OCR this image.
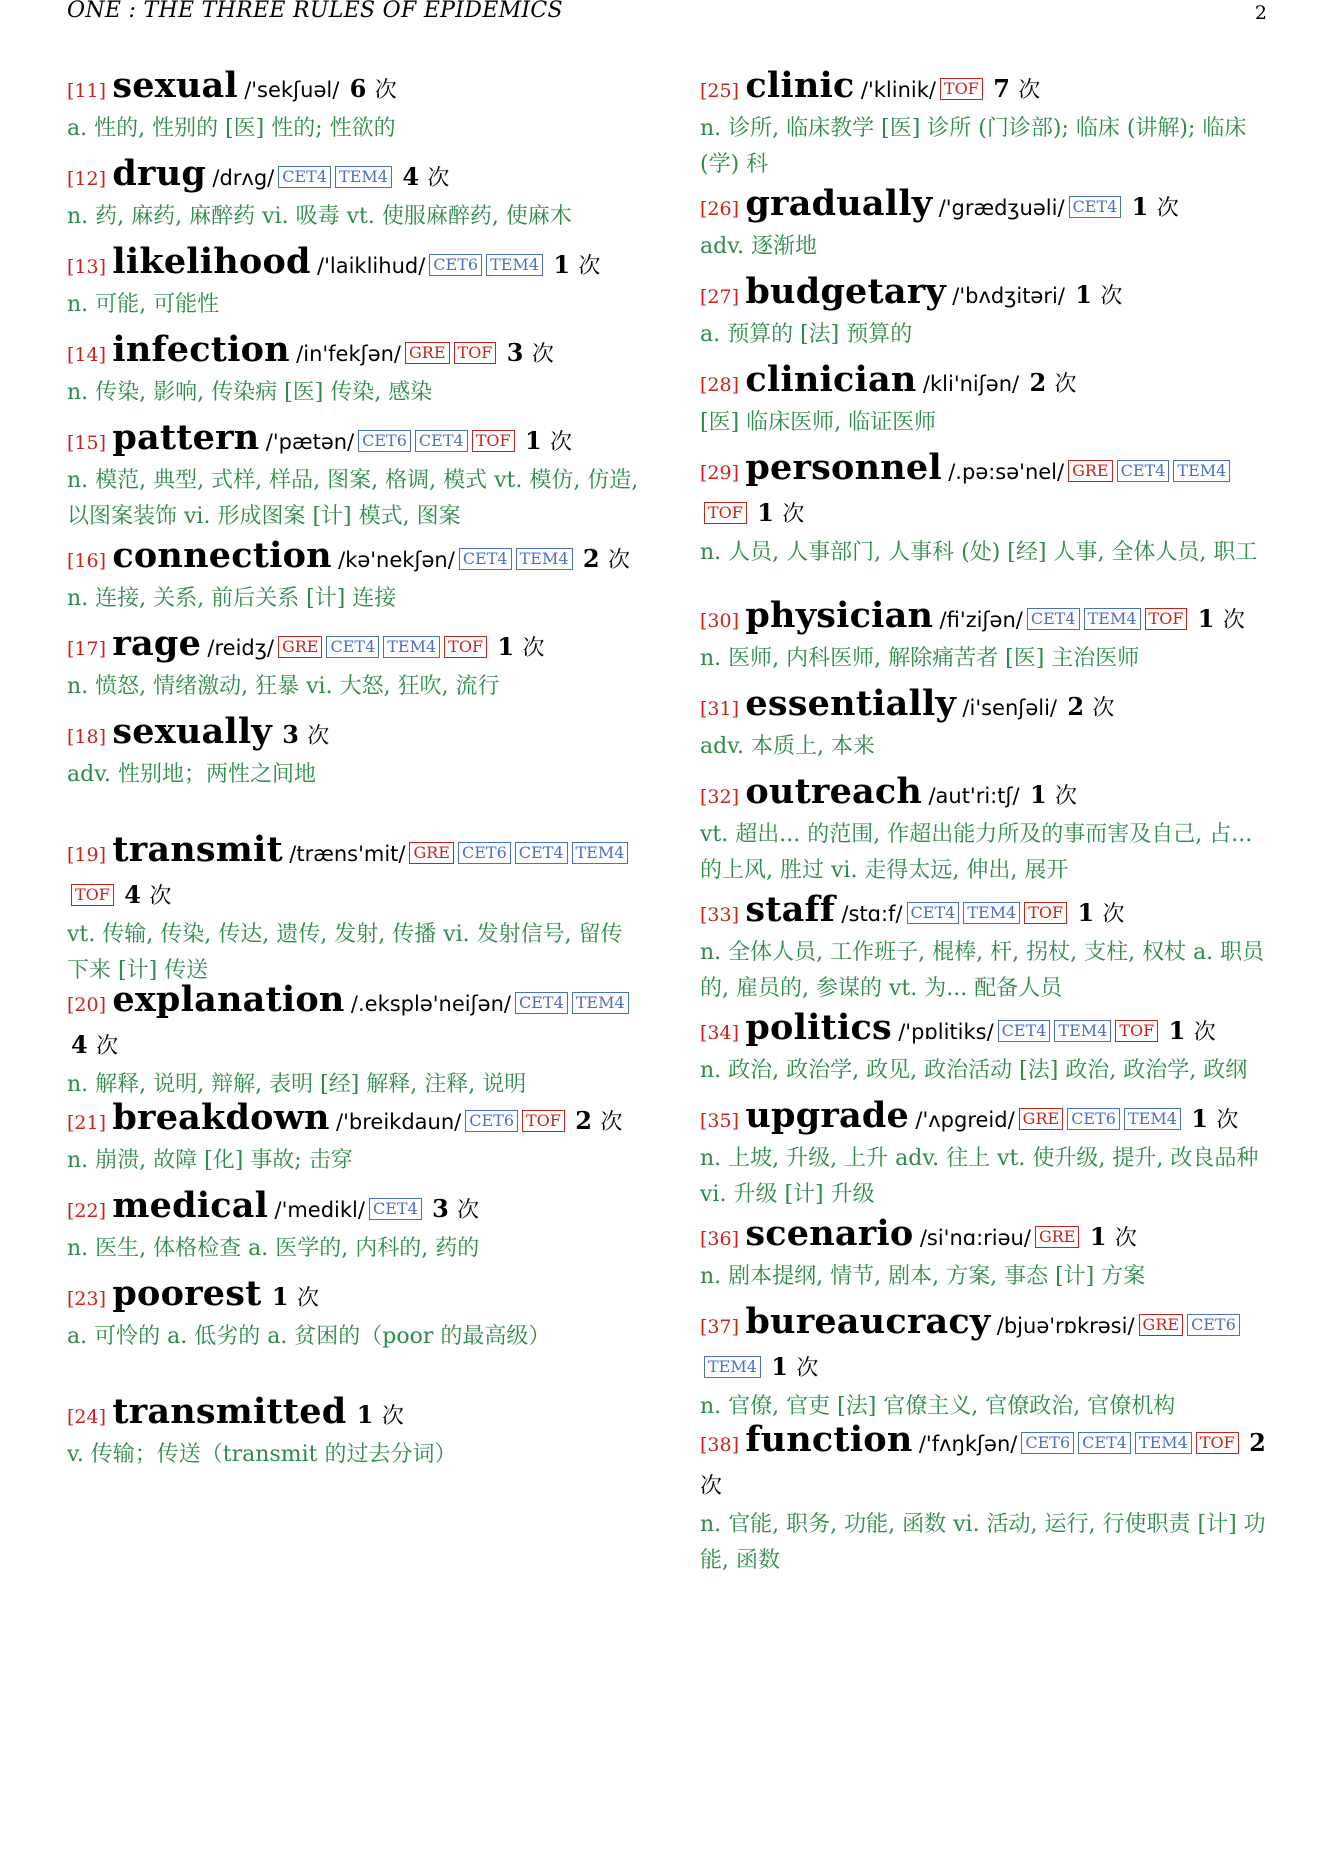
ONE : THE THREE RULES OF EPIDEMICS	2
[11] sexual /'sekʃuəl/ 6 次
a. 性的, 性别的 [医] 性的; 性欲的
[12] drug /drʌg/ CET4 TEM4 4 次
n. 药, 麻药, 麻醉药 vi. 吸毒 vt. 使服麻醉药, 使麻木
[13] likelihood /'laiklihud/ CET6 TEM4 1 次
n. 可能, 可能性
[14] infection /in'fekʃən/ GRE TOF 3 次
n. 传染, 影响, 传染病 [医] 传染, 感染
[15] pattern /'pætən/ CET6 CET4 TOF 1 次
n. 模范, 典型, 式样, 样品, 图案, 格调, 模式 vt. 模仿, 仿造, 以图案装饰 vi. 形成图案 [计] 模式, 图案
[16] connection /kə'nekʃən/ CET4 TEM4 2 次
n. 连接, 关系, 前后关系 [计] 连接
[17] rage /reidʒ/ GRE CET4 TEM4 TOF 1 次
n. 愤怒, 情绪激动, 狂暴 vi. 大怒, 狂吹, 流行
[18] sexually 3 次
adv. 性别地；两性之间地
[19] transmit /træns'mit/ GRE CET6 CET4 TEM4TOF 4 次
vt. 传输, 传染, 传达, 遗传, 发射, 传播 vi. 发射信号, 留传下来 [计] 传送
[20] explanation /.eksplə'neiʃən/ CET4 TEM4 4 次
n. 解释, 说明, 辩解, 表明 [经] 解释, 注释, 说明
[21] breakdown /'breikdaun/ CET6 TOF 2 次
n. 崩溃, 故障 [化] 事故; 击穿
[22] medical /'medikl/ CET4 3 次
n. 医生, 体格检查 a. 医学的, 内科的, 药的
[23] poorest 1 次
a. 可怜的 a. 低劣的 a. 贫困的（poor 的最高级）
[24] transmitted 1 次
v. 传输；传送（transmit 的过去分词）
[25] clinic /'klinik/ TOF 7 次
n. 诊所, 临床教学 [医] 诊所 (门诊部); 临床 (讲解); 临床 (学) 科
[26] gradually /'grædʒuəli/ CET4 1 次
adv. 逐渐地
[27] budgetary /'bʌdʒitəri/ 1 次
a. 预算的 [法] 预算的
[28] clinician /kli'niʃən/ 2 次
[医] 临床医师, 临证医师
[29] personnel /.pə:sə'nel/ GRE CET4 TEM4TOF 1 次
n. 人员, 人事部门, 人事科 (处) [经] 人事, 全体人员, 职工
[30] physician /fi'ziʃən/ CET4 TEM4 TOF 1 次
n. 医师, 内科医师, 解除痛苦者 [医] 主治医师
[31] essentially /i'senʃəli/ 2 次
adv. 本质上, 本来
[32] outreach /aut'ri:tʃ/ 1 次
vt. 超出... 的范围, 作超出能力所及的事而害及自己, 占... 的上风, 胜过 vi. 走得太远, 伸出, 展开
[33] staff /stɑ:f/ CET4 TEM4 TOF 1 次
n. 全体人员, 工作班子, 棍棒, 杆, 拐杖, 支柱, 权杖 a. 职员的, 雇员的, 参谋的 vt. 为... 配备人员
[34] politics /'pɒlitiks/ CET4 TEM4 TOF 1 次
n. 政治, 政治学, 政见, 政治活动 [法] 政治, 政治学, 政纲
[35] upgrade /'ʌpgreid/ GRE CET6 TEM4 1 次
n. 上坡, 升级, 上升 adv. 往上 vt. 使升级, 提升, 改良品种 vi. 升级 [计] 升级
[36] scenario /si'nɑ:riəu/ GRE 1 次
n. 剧本提纲, 情节, 剧本, 方案, 事态 [计] 方案
[37] bureaucracy /bjuə'rɒkrəsi/ GRE CET6TEM4 1 次
n. 官僚, 官吏 [法] 官僚主义, 官僚政治, 官僚机构
[38] function /'fʌŋkʃən/ CET6 CET4 TEM4 TOF 2 次
n. 官能, 职务, 功能, 函数 vi. 活动, 运行, 行使职责 [计] 功能, 函数
